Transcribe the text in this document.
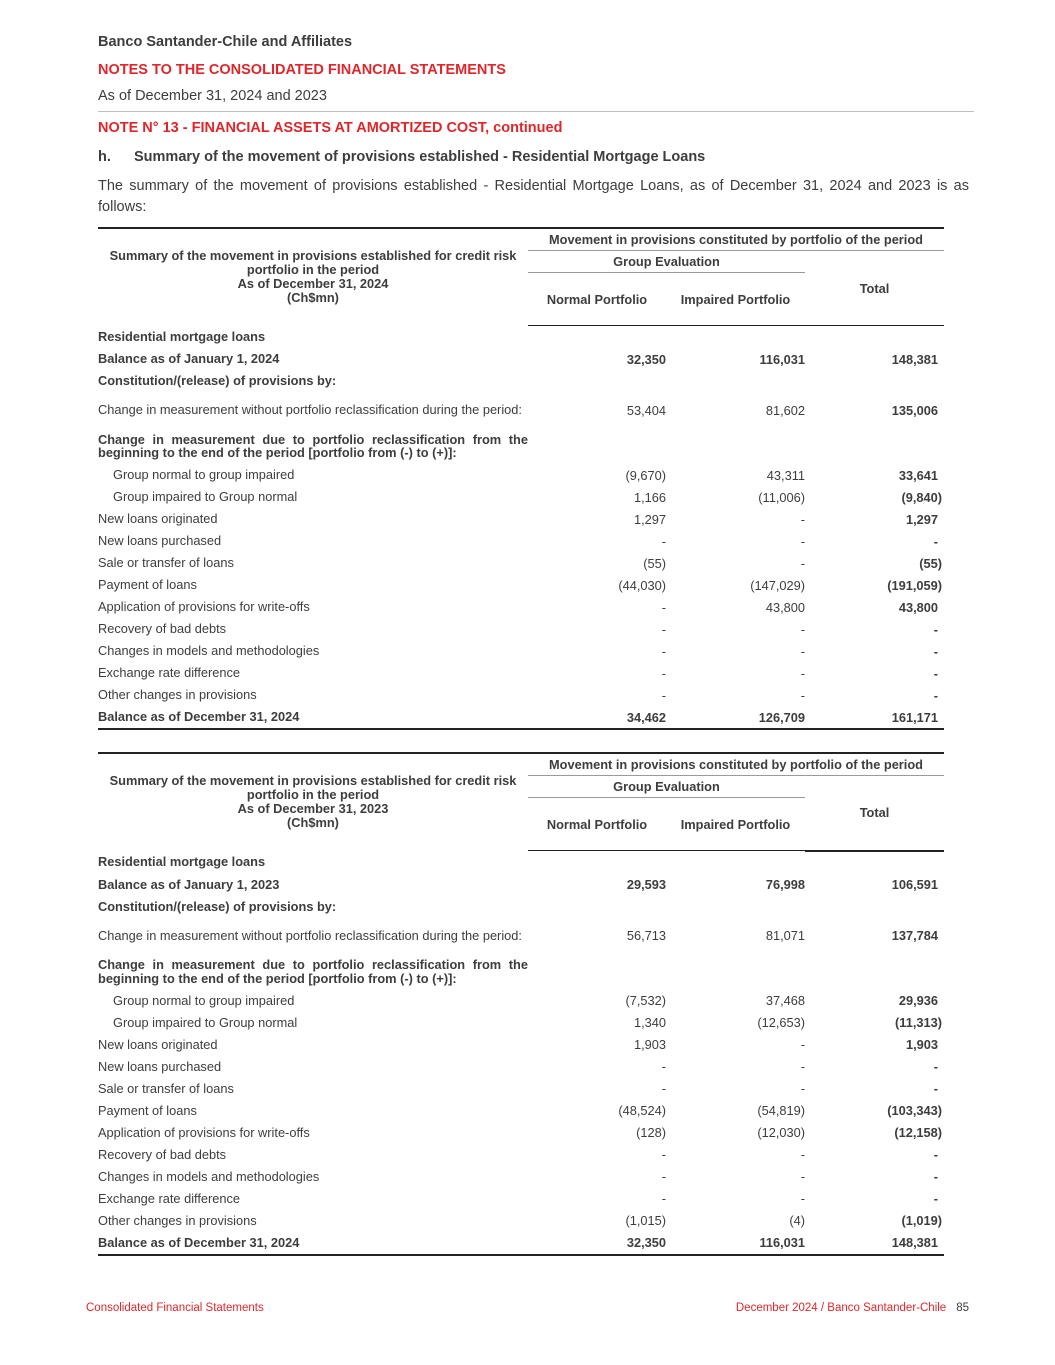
Banco Santander-Chile and Affiliates
NOTES TO THE CONSOLIDATED FINANCIAL STATEMENTS
As of December 31, 2024 and 2023
NOTE N° 13 - FINANCIAL ASSETS AT AMORTIZED COST, continued
h. Summary of the movement of provisions established - Residential Mortgage Loans
The summary of the movement of provisions established - Residential Mortgage Loans, as of December 31, 2024 and 2023 is as follows:
Summary of the movement in provisions established for credit risk portfolio in the period
As of December 31, 2024
(Ch$mn)	Movement in provisions constituted by portfolio of the period		
	Group Evaluation		Total
	Normal Portfolio	Impaired Portfolio	
Residential mortgage loans			
Balance as of January 1, 2024	32,350	116,031	148,381
Constitution/(release) of provisions by:			
Change in measurement without portfolio reclassification during the period:	53,404	81,602	135,006
Change in measurement due to portfolio reclassification from the beginning to the end of the period [portfolio from (-) to (+)]:			
Group normal to group impaired	(9,670)	43,311	33,641
Group impaired to Group normal	1,166	(11,006)	(9,840)
New loans originated	1,297	-	1,297
New loans purchased	-	-	-
Sale or transfer of loans	(55)	-	(55)
Payment of loans	(44,030)	(147,029)	(191,059)
Application of provisions for write-offs	-	43,800	43,800
Recovery of bad debts	-	-	-
Changes in models and methodologies	-	-	-
Exchange rate difference	-	-	-
Other changes in provisions	-	-	-
Balance as of December 31, 2024	34,462	126,709	161,171
Summary of the movement in provisions established for credit risk portfolio in the period
As of December 31, 2023
(Ch$mn)	Movement in provisions constituted by portfolio of the period		
	Group Evaluation		Total
	Normal Portfolio	Impaired Portfolio	
Residential mortgage loans			
Balance as of January 1, 2023	29,593	76,998	106,591
Constitution/(release) of provisions by:			
Change in measurement without portfolio reclassification during the period:	56,713	81,071	137,784
Change in measurement due to portfolio reclassification from the beginning to the end of the period [portfolio from (-) to (+)]:			
Group normal to group impaired	(7,532)	37,468	29,936
Group impaired to Group normal	1,340	(12,653)	(11,313)
New loans originated	1,903	-	1,903
New loans purchased	-	-	-
Sale or transfer of loans	-	-	-
Payment of loans	(48,524)	(54,819)	(103,343)
Application of provisions for write-offs	(128)	(12,030)	(12,158)
Recovery of bad debts	-	-	-
Changes in models and methodologies	-	-	-
Exchange rate difference	-	-	-
Other changes in provisions	(1,015)	(4)	(1,019)
Balance as of December 31, 2024	32,350	116,031	148,381
Consolidated Financial Statements	December 2024 / Banco Santander-Chile 85
